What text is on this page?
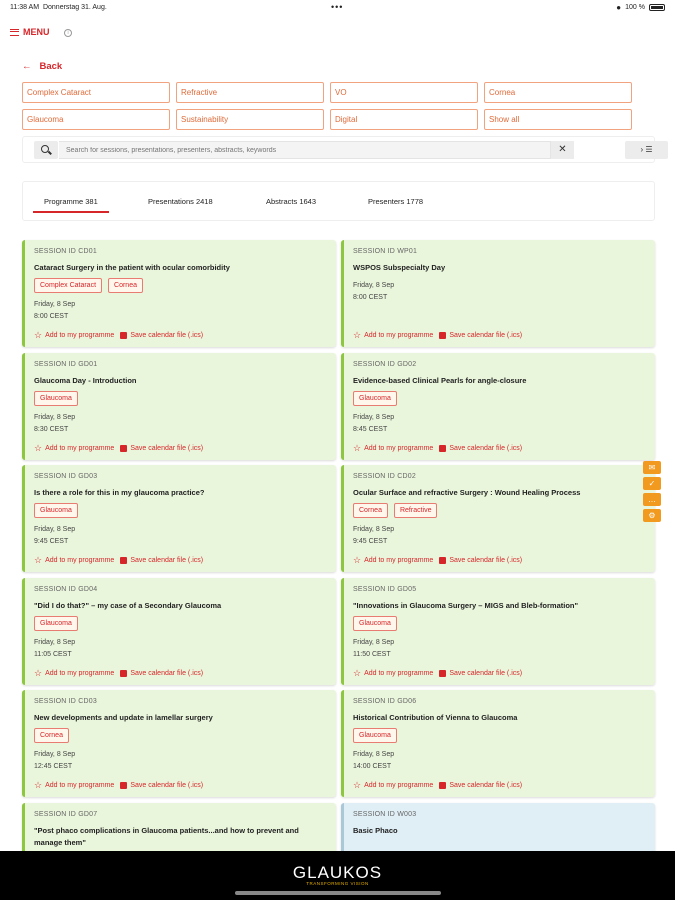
11:38 AM Donnerstag 31. Aug.	•••	● 100 %
MENU	i
← Back
Complex Cataract	Refractive	VO	Cornea
Glaucoma	Sustainability	Digital	Show all
Search for sessions, presentations, presenters, abstracts, keywords
✕	› ☰
Programme 381	Presentations 2418	Abstracts 1643	Presenters 1778
SESSION ID CD01
Cataract Surgery in the patient with ocular comorbidity
Complex Cataract	Cornea
Friday, 8 Sep
8:00 CEST
☆ Add to my programme Save calendar file (.ics)
SESSION ID WP01
WSPOS Subspecialty Day
Friday, 8 Sep
8:00 CEST
☆ Add to my programme Save calendar file (.ics)
SESSION ID GD01
Glaucoma Day - Introduction
Glaucoma
Friday, 8 Sep
8:30 CEST
☆ Add to my programme Save calendar file (.ics)
SESSION ID GD02
Evidence-based Clinical Pearls for angle-closure
Glaucoma
Friday, 8 Sep
8:45 CEST
☆ Add to my programme Save calendar file (.ics)
SESSION ID GD03
Is there a role for this in my glaucoma practice?
Glaucoma
Friday, 8 Sep
9:45 CEST
☆ Add to my programme Save calendar file (.ics)
SESSION ID CD02
Ocular Surface and refractive Surgery : Wound Healing Process
Cornea	Refractive
Friday, 8 Sep
9:45 CEST
☆ Add to my programme Save calendar file (.ics)
SESSION ID GD04
"Did I do that?" – my case of a Secondary Glaucoma
Glaucoma
Friday, 8 Sep
11:05 CEST
☆ Add to my programme Save calendar file (.ics)
SESSION ID GD05
"Innovations in Glaucoma Surgery – MIGS and Bleb-formation"
Glaucoma
Friday, 8 Sep
11:50 CEST
☆ Add to my programme Save calendar file (.ics)
SESSION ID CD03
New developments and update in lamellar surgery
Cornea
Friday, 8 Sep
12:45 CEST
☆ Add to my programme Save calendar file (.ics)
SESSION ID GD06
Historical Contribution of Vienna to Glaucoma
Glaucoma
Friday, 8 Sep
14:00 CEST
☆ Add to my programme Save calendar file (.ics)
SESSION ID GD07
"Post phaco complications in Glaucoma patients...and how to prevent and manage them"
SESSION ID W003
Basic Phaco
✉
✓
…
⚙
GLAUKOS
TRANSFORMING VISION
